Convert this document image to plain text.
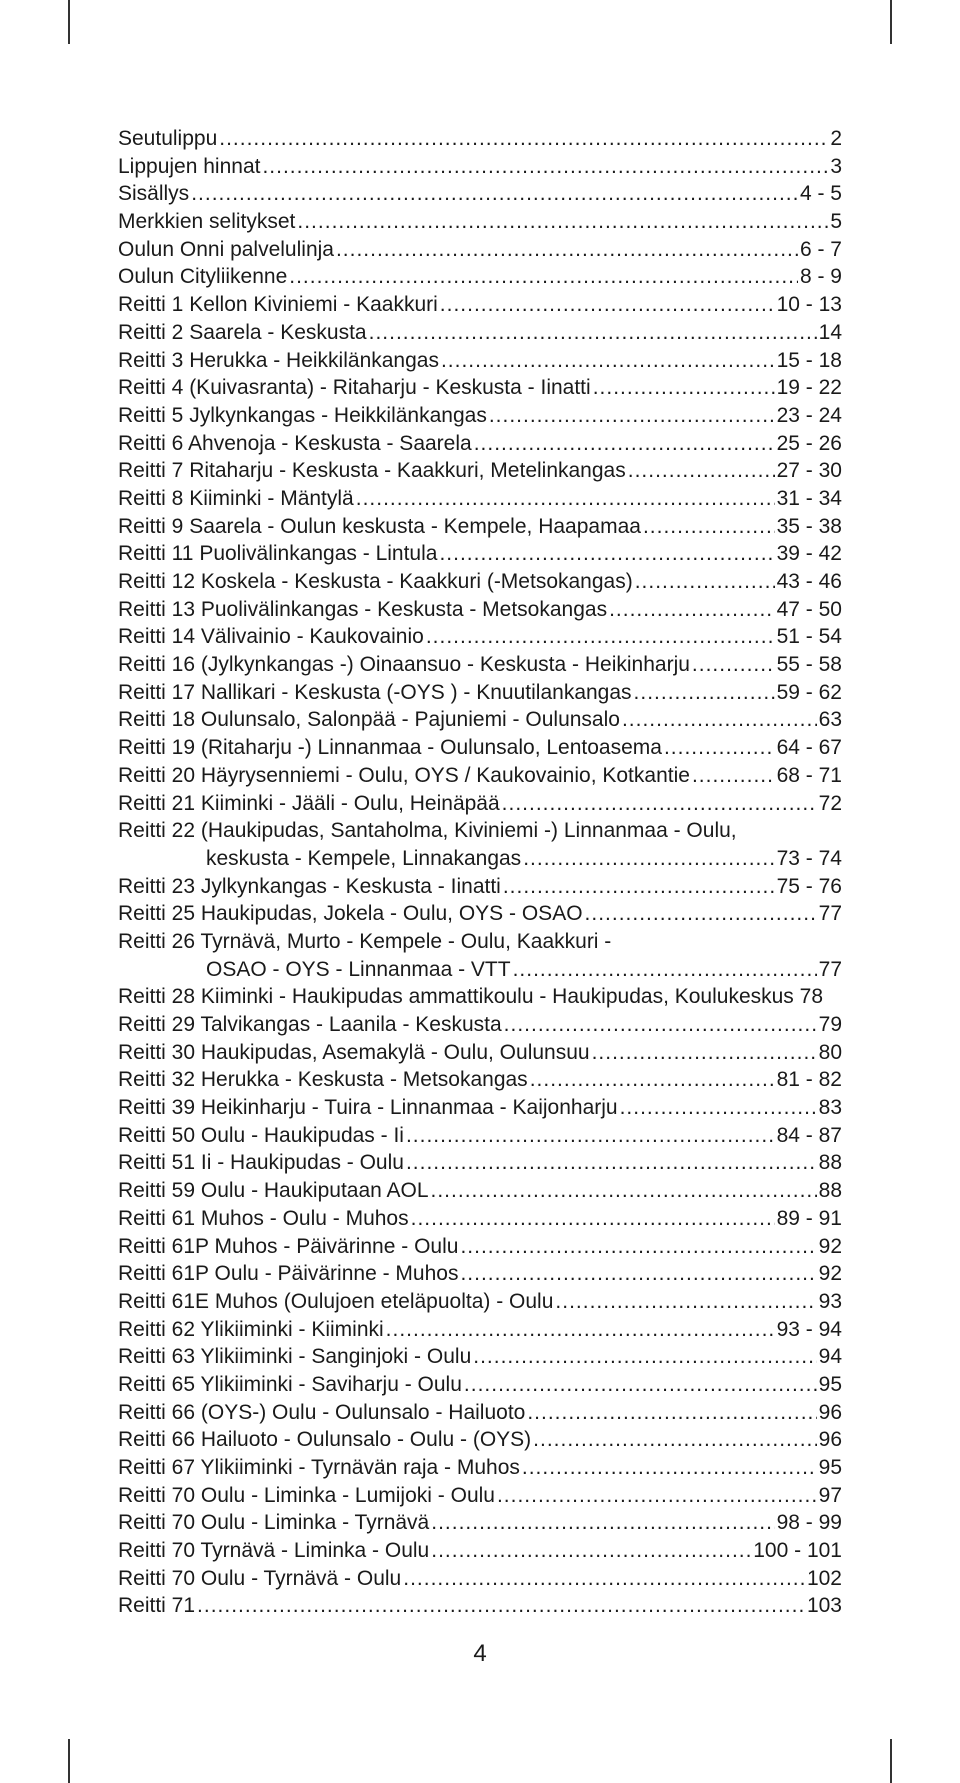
Seutulippu .....	2
Lippujen hinnat .....	3
Sisällys .....	4 - 5
Merkkien selitykset .....	5
Oulun Onni palvelulinja .....	6 - 7
Oulun Cityliikenne .....	8 - 9
Reitti 1 Kellon Kiviniemi - Kaakkuri .....	10 - 13
Reitti 2 Saarela - Keskusta .....	14
Reitti 3 Herukka - Heikkilänkangas .....	15 - 18
Reitti 4 (Kuivasranta) - Ritaharju - Keskusta - Iinatti .....	19 - 22
Reitti 5 Jylkynkangas - Heikkilänkangas .....	23 - 24
Reitti 6 Ahvenoja - Keskusta - Saarela .....	25 - 26
Reitti 7 Ritaharju - Keskusta - Kaakkuri, Metelinkangas .....	27 - 30
Reitti 8 Kiiminki - Mäntylä .....	31 - 34
Reitti 9 Saarela - Oulun keskusta - Kempele, Haapamaa .....	35 - 38
Reitti 11 Puolivälinkangas - Lintula .....	39 - 42
Reitti 12 Koskela - Keskusta - Kaakkuri (-Metsokangas) .....	43 - 46
Reitti 13 Puolivälinkangas - Keskusta - Metsokangas .....	47 - 50
Reitti 14 Välivainio - Kaukovainio .....	51 - 54
Reitti 16 (Jylkynkangas -) Oinaansuo - Keskusta - Heikinharju .....	55 - 58
Reitti 17 Nallikari - Keskusta (-OYS ) - Knuutilankangas .....	59 - 62
Reitti 18 Oulunsalo, Salonpää - Pajuniemi - Oulunsalo .....	63
Reitti 19 (Ritaharju -) Linnanmaa - Oulunsalo, Lentoasema .....	64 - 67
Reitti 20 Häyrysenniemi - Oulu, OYS / Kaukovainio, Kotkantie .....	68 - 71
Reitti 21 Kiiminki - Jääli - Oulu, Heinäpää .....	72
Reitti 22 (Haukipudas, Santaholma, Kiviniemi -) Linnanmaa - Oulu,
keskusta - Kempele, Linnakangas .....	73 - 74
Reitti 23 Jylkynkangas - Keskusta - Iinatti .....	75 - 76
Reitti 25 Haukipudas, Jokela - Oulu, OYS - OSAO .....	77
Reitti 26 Tyrnävä, Murto - Kempele - Oulu, Kaakkuri -
OSAO - OYS - Linnanmaa - VTT .....	77
Reitti 28 Kiiminki - Haukipudas ammattikoulu - Haukipudas, Koulukeskus 78
Reitti 29 Talvikangas - Laanila - Keskusta .....	79
Reitti 30 Haukipudas, Asemakylä - Oulu, Oulunsuu .....	80
Reitti 32 Herukka - Keskusta - Metsokangas .....	81 - 82
Reitti 39 Heikinharju - Tuira - Linnanmaa - Kaijonharju .....	83
Reitti 50 Oulu - Haukipudas - Ii .....	84 - 87
Reitti 51 Ii - Haukipudas - Oulu .....	88
Reitti 59 Oulu - Haukiputaan AOL .....	88
Reitti 61 Muhos - Oulu - Muhos .....	89 - 91
Reitti 61P Muhos - Päivärinne - Oulu .....	92
Reitti 61P Oulu - Päivärinne - Muhos .....	92
Reitti 61E Muhos (Oulujoen eteläpuolta) - Oulu .....	93
Reitti 62 Ylikiiminki - Kiiminki .....	93 - 94
Reitti 63 Ylikiiminki - Sanginjoki - Oulu .....	94
Reitti 65 Ylikiiminki - Saviharju - Oulu .....	95
Reitti 66 (OYS-) Oulu - Oulunsalo - Hailuoto .....	96
Reitti 66 Hailuoto - Oulunsalo - Oulu - (OYS) .....	96
Reitti 67 Ylikiiminki - Tyrnävän raja - Muhos .....	95
Reitti 70 Oulu - Liminka - Lumijoki - Oulu .....	97
Reitti 70 Oulu - Liminka - Tyrnävä .....	98 - 99
Reitti 70 Tyrnävä - Liminka - Oulu .....	100 - 101
Reitti 70 Oulu - Tyrnävä - Oulu .....	102
Reitti 71 .....	103
4
